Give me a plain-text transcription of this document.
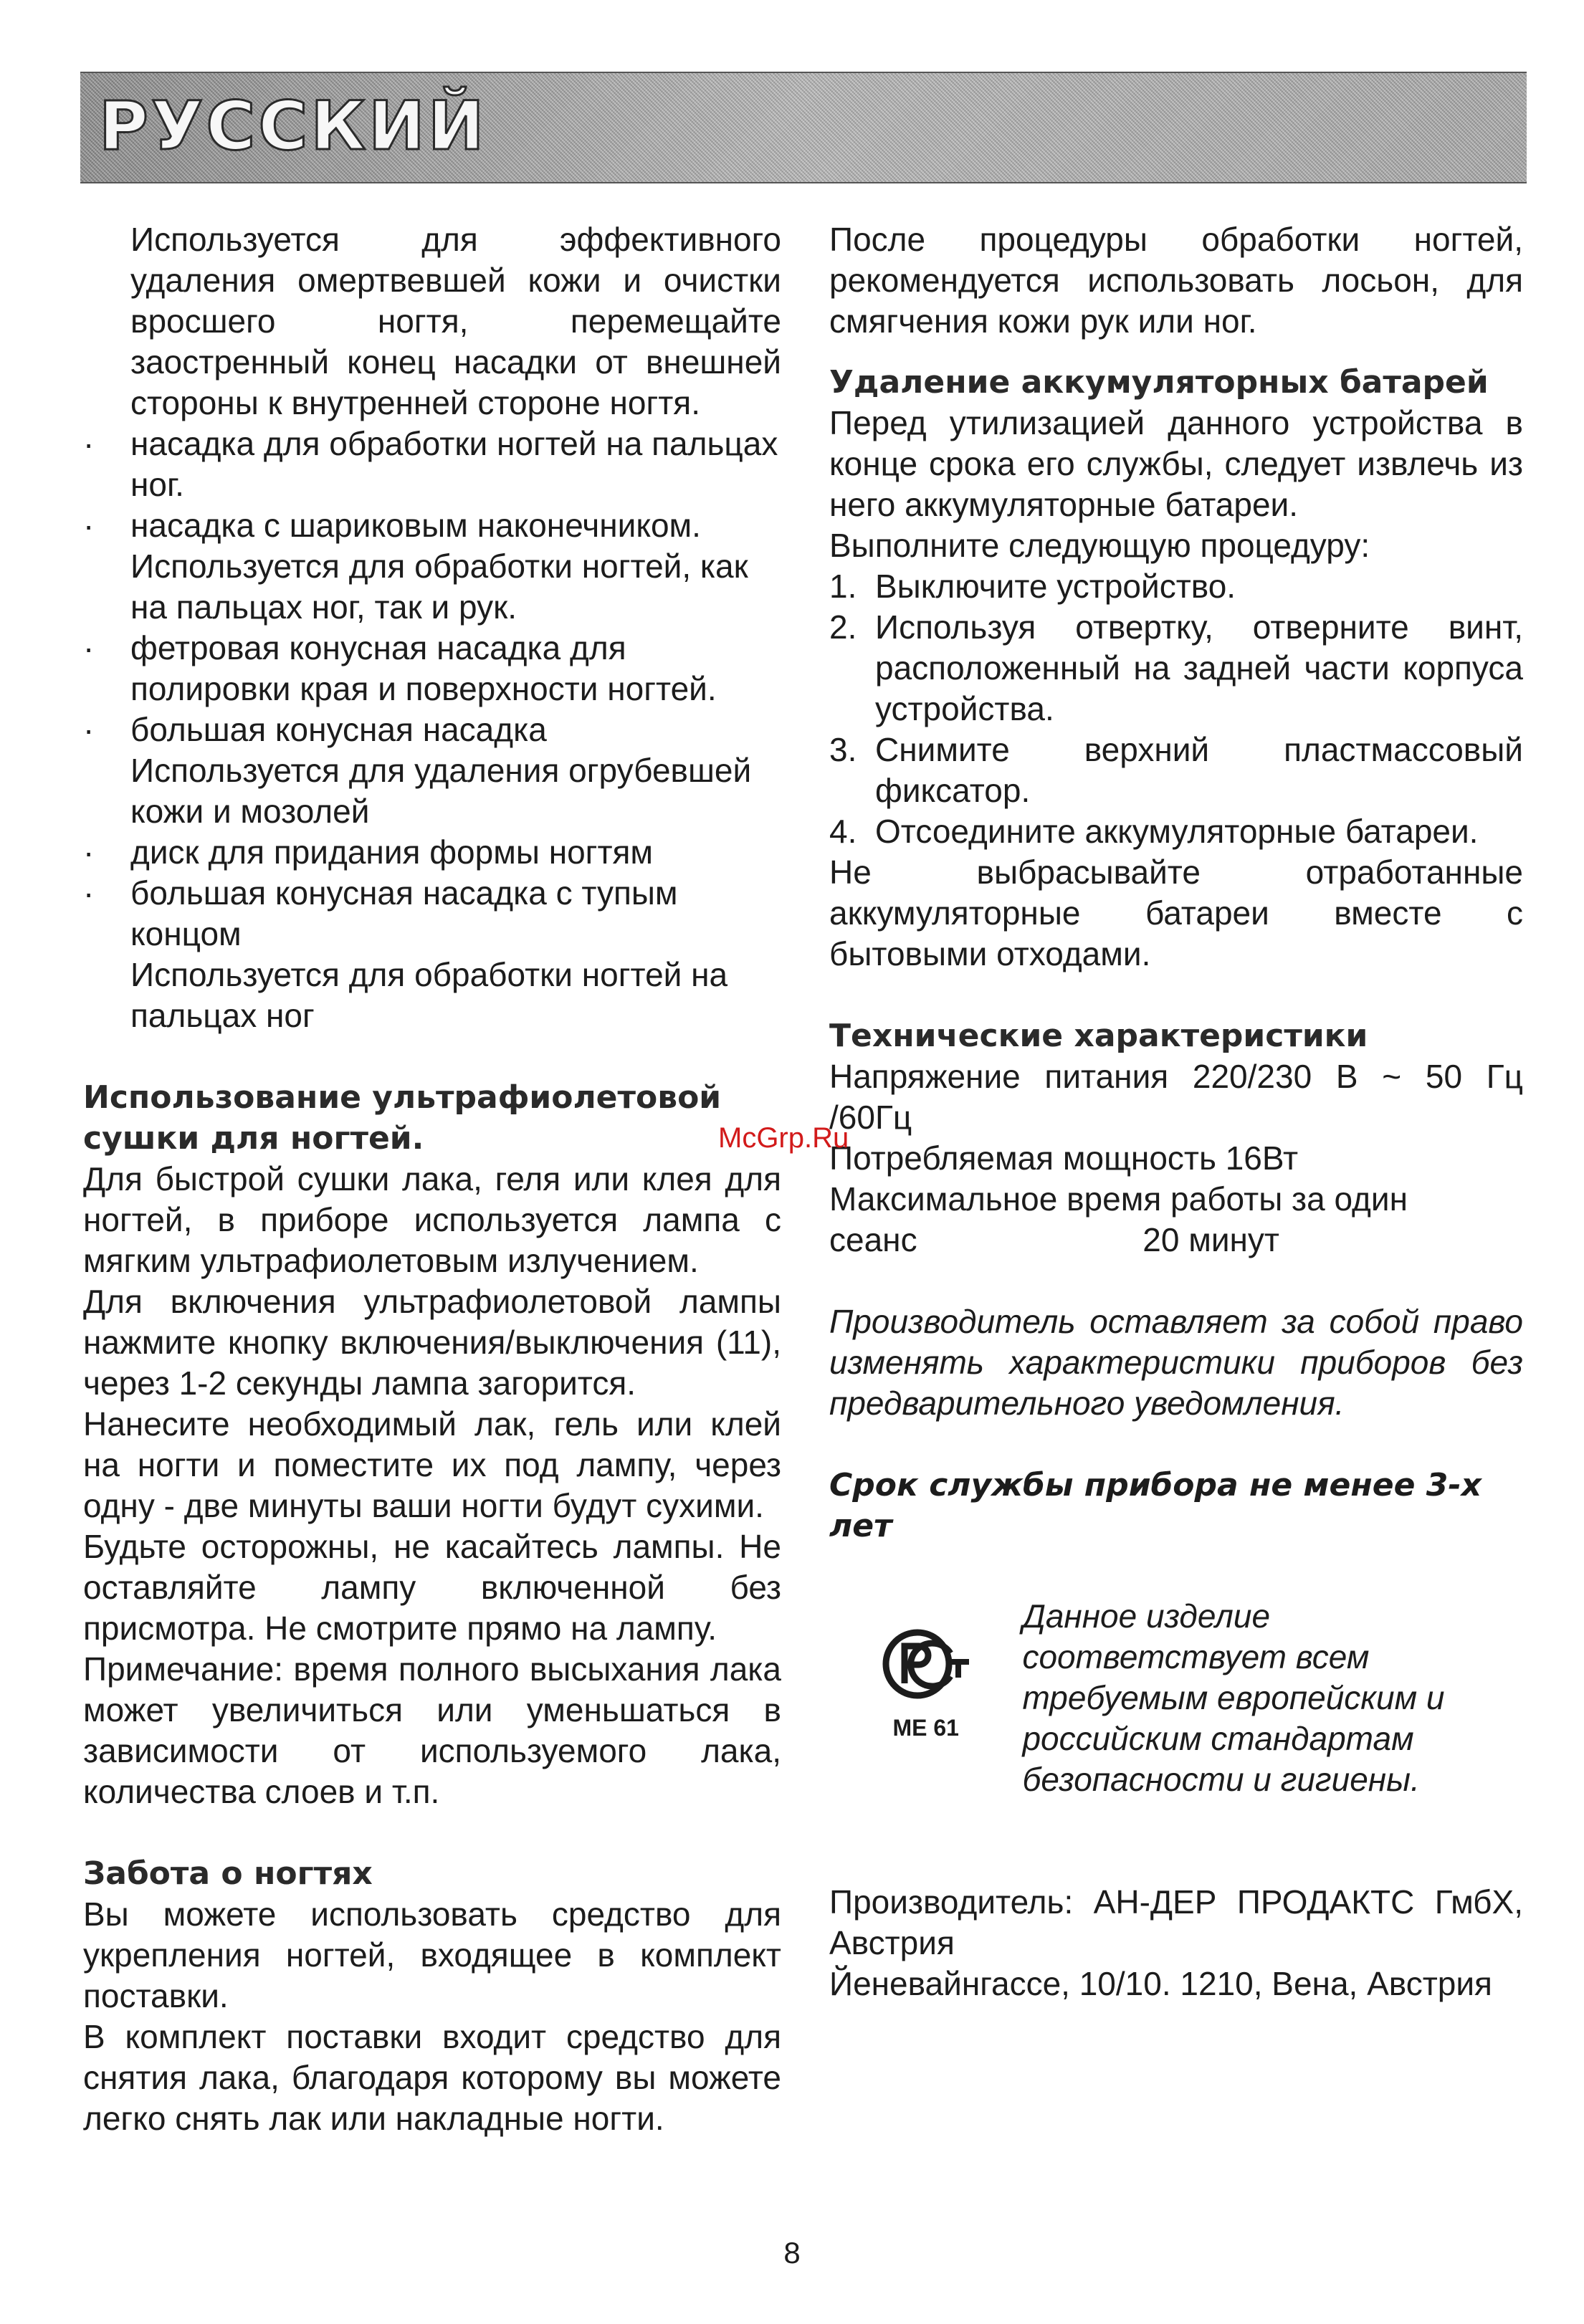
РУССКИЙ

Используется для эффективного удаления омертвевшей кожи и очистки вросшего ногтя, перемещайте заостренный конец насадки от внешней стороны к внутренней стороне ногтя.

·	насадка для обработки ногтей на пальцах ног.
·	насадка с шариковым наконечником.
Используется для обработки ногтей, как на пальцах ног, так и рук.
·	фетровая конусная насадка для полировки края и поверхности ногтей.
·	большая конусная насадка
Используется для удаления огрубевшей кожи и мозолей
·	диск для придания формы ногтям
·	большая конусная насадка с тупым концом
Используется для обработки ногтей на пальцах ног

Использование ультрафиолетовой сушки для ногтей.

Для быстрой сушки лака, геля или клея для ногтей, в приборе используется лампа с мягким ультрафиолетовым излучением.

Для включения ультрафиолетовой лампы нажмите кнопку включения/выключения (11), через 1-2 секунды лампа загорится.

Нанесите необходимый лак, гель или клей на ногти и поместите их под лампу, через одну - две минуты ваши ногти будут сухими.

Будьте осторожны, не касайтесь лампы. Не оставляйте лампу включенной без присмотра. Не смотрите прямо на лампу.

Примечание: время полного высыхания лака может увеличиться или уменьшаться в зависимости от используемого лака, количества слоев и т.п.

Забота о ногтях

Вы можете использовать средство для укрепления ногтей, входящее в комплект поставки.

В комплект поставки входит средство для снятия лака, благодаря которому вы можете легко снять лак или накладные ногти.

После процедуры обработки ногтей, рекомендуется использовать лосьон, для смягчения кожи рук или ног.

Удаление аккумуляторных батарей

Перед утилизацией данного устройства в конце срока его службы, следует извлечь из него аккумуляторные батареи.

Выполните следующую процедуру:

1. Выключите устройство.
2. Используя отвертку, отверните винт, расположенный на задней части корпуса устройства.
3. Снимите верхний пластмассовый фиксатор.
4. Отсоедините аккумуляторные батареи.

Не выбрасывайте отработанные аккумуляторные батареи вместе с бытовыми отходами.

Технические характеристики

Напряжение питания 220/230 В ~ 50 Гц /60Гц

Потребляемая мощность 16Вт

Максимальное время работы за один

сеанс	20 минут

Производитель оставляет за собой право изменять характеристики приборов без предварительного уведомления.

Срок службы прибора не менее 3-х лет

ME 61
Данное изделие соответствует всем требуемым европейским и российским стандартам безопасности и гигиены.

Производитель: АН-ДЕР ПРОДАКТС ГмбХ, Австрия

Йеневайнгассе, 10/10. 1210, Вена, Австрия

McGrp.Ru
8
